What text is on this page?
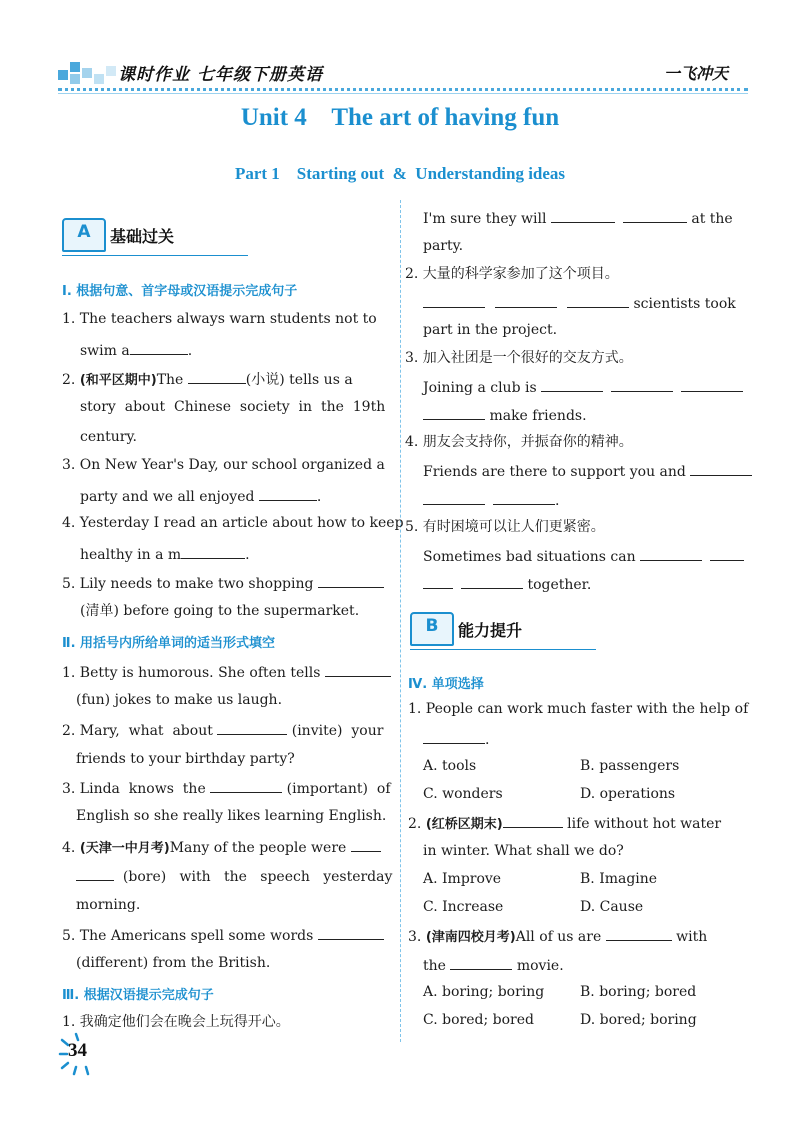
课时作业 七年级下册英语	一飞冲天
Unit 4    The art of having fun
Part 1    Starting out  &  Understanding ideas
A	基础过关
Ⅰ. 根据句意、首字母或汉语提示完成句子
1. The teachers always warn students not to
swim a	.
2. (和平区期中)The	(小说) tells us a
story  about  Chinese  society  in  the  19th
century.
3. On New Year's Day, our school organized a
party and we all enjoyed	.
4. Yesterday I read an article about how to keep
healthy in a m	.
5. Lily needs to make two shopping
(清单) before going to the supermarket.
Ⅱ. 用括号内所给单词的适当形式填空
1. Betty is humorous. She often tells
(fun) jokes to make us laugh.
2. Mary,  what  about	(invite)  your
friends to your birthday party?
3. Linda  knows  the	(important)  of
English so she really likes learning English.
4. (天津一中月考)Many of the people were
(bore)   with   the   speech   yesterday
morning.
5. The Americans spell some words
(different) from the British.
Ⅲ. 根据汉语提示完成句子
1. 我确定他们会在晚会上玩得开心。
I'm sure they will	at the
party.
2. 大量的科学家参加了这个项目。
scientists took
part in the project.
3. 加入社团是一个很好的交友方式。
Joining a club is
make friends.
4. 朋友会支持你，并振奋你的精神。
Friends are there to support you and
.
5. 有时困境可以让人们更紧密。
Sometimes bad situations can
together.
B	能力提升
Ⅳ. 单项选择
1. People can work much faster with the help of
.
A. tools	B. passengers
C. wonders	D. operations
2. (红桥区期末)	life without hot water
in winter. What shall we do?
A. Improve	B. Imagine
C. Increase	D. Cause
3. (津南四校月考)All of us are	with
the	movie.
A. boring; boring	B. boring; bored
C. bored; bored	D. bored; boring
34
